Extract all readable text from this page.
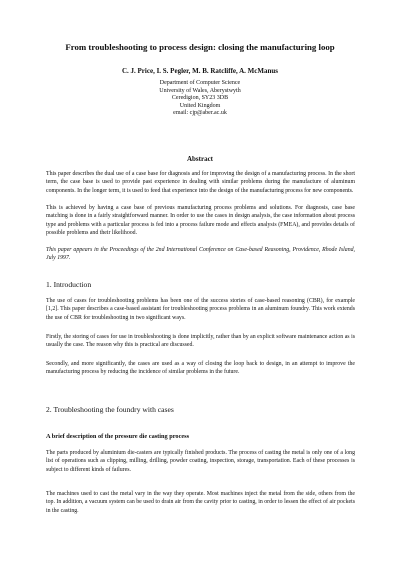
From troubleshooting to process design: closing the manufacturing loop
C. J. Price, I. S. Pegler, M. B. Ratcliffe, A. McManus
Department of Computer Science
University of Wales, Aberystwyth
Ceredigion, SY23 3DB
United Kingdom
email: cjp@aber.ac.uk
Abstract
This paper describes the dual use of a case base for diagnosis and for improving the design of a manufacturing process. In the short term, the case base is used to provide past experience in dealing with similar problems during the manufacture of aluminum components. In the longer term, it is used to feed that experience into the design of the manufacturing process for new components.
This is achieved by having a case base of previous manufacturing process problems and solutions. For diagnosis, case base matching is done in a fairly straightforward manner. In order to use the cases in design analysis, the case information about process type and problems with a particular process is fed into a process failure mode and effects analysis (FMEA), and provides details of possible problems and their likelihood.
This paper appears in the Proceedings of the 2nd International Conference on Case-based Reasoning, Providence, Rhode Island, July 1997.
1. Introduction
The use of cases for troubleshooting problems has been one of the success stories of case-based reasoning (CBR), for example [1,2]. This paper describes a case-based assistant for troubleshooting process problems in an aluminum foundry. This work extends the use of CBR for troubleshooting in two significant ways.
Firstly, the storing of cases for use in troubleshooting is done implicitly, rather than by an explicit software maintenance action as is usually the case. The reason why this is practical are discussed.
Secondly, and more significantly, the cases are used as a way of closing the loop back to design, in an attempt to improve the manufacturing process by reducing the incidence of similar problems in the future.
2. Troubleshooting the foundry with cases
A brief description of the pressure die casting process
The parts produced by aluminium die-casters are typically finished products. The process of casting the metal is only one of a long list of operations such as clipping, milling, drilling, powder coating, inspection, storage, transportation. Each of these processes is subject to different kinds of failures.
The machines used to cast the metal vary in the way they operate. Most machines inject the metal from the side, others from the top. In addition, a vacuum system can be used to drain air from the cavity prior to casting, in order to lessen the effect of air pockets in the casting.
